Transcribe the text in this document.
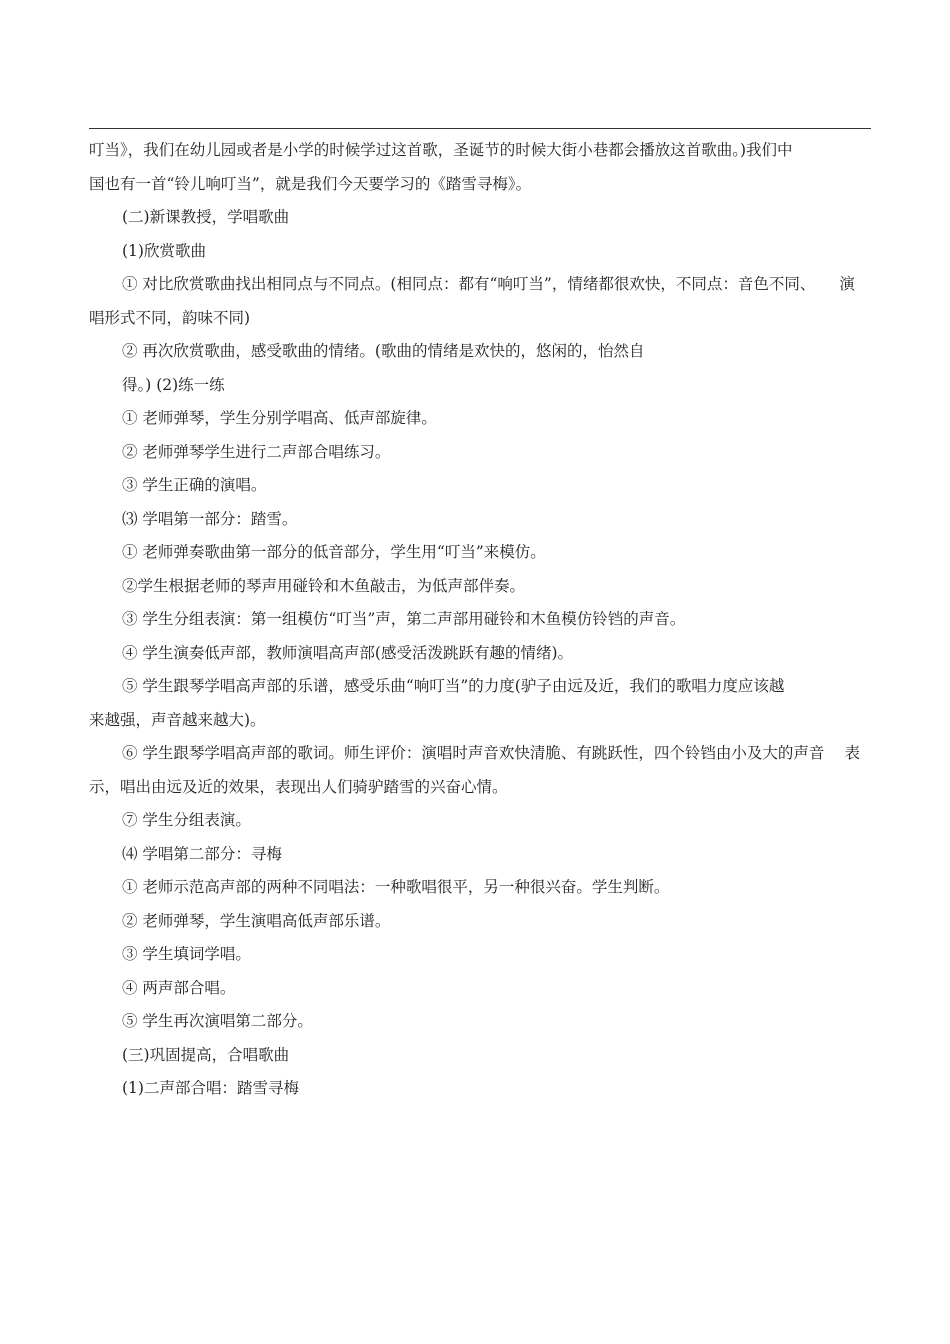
叮当》，我们在幼儿园或者是小学的时候学过这首歌，圣诞节的时候大街小巷都会播放这首歌曲。)我们中
国也有一首“铃儿响叮当”，就是我们今天要学习的《踏雪寻梅》。

(二)新课教授，学唱歌曲

(1)欣赏歌曲

① 对比欣赏歌曲找出相同点与不同点。(相同点：都有“响叮当”，情绪都很欢快，不同点：音色不同、 演
唱形式不同，韵味不同)

② 再次欣赏歌曲，感受歌曲的情绪。(歌曲的情绪是欢快的，悠闲的，怡然自

得。) (2)练一练

① 老师弹琴，学生分别学唱高、低声部旋律。

② 老师弹琴学生进行二声部合唱练习。

③ 学生正确的演唱。

⑶ 学唱第一部分：踏雪。

① 老师弹奏歌曲第一部分的低音部分，学生用“叮当”来模仿。

②学生根据老师的琴声用碰铃和木鱼敲击，为低声部伴奏。

③ 学生分组表演：第一组模仿“叮当”声，第二声部用碰铃和木鱼模仿铃铛的声音。

④ 学生演奏低声部，教师演唱高声部(感受活泼跳跃有趣的情绪)。

⑤ 学生跟琴学唱高声部的乐谱，感受乐曲“响叮当”的力度(驴子由远及近，我们的歌唱力度应该越
来越强，声音越来越大)。

⑥ 学生跟琴学唱高声部的歌词。师生评价：演唱时声音欢快清脆、有跳跃性，四个铃铛由小及大的声音 表
示，唱出由远及近的效果，表现出人们骑驴踏雪的兴奋心情。

⑦ 学生分组表演。

⑷ 学唱第二部分：寻梅

① 老师示范高声部的两种不同唱法：一种歌唱很平，另一种很兴奋。学生判断。

② 老师弹琴，学生演唱高低声部乐谱。

③ 学生填词学唱。

④ 两声部合唱。

⑤ 学生再次演唱第二部分。

(三)巩固提高，合唱歌曲

(1)二声部合唱：踏雪寻梅
